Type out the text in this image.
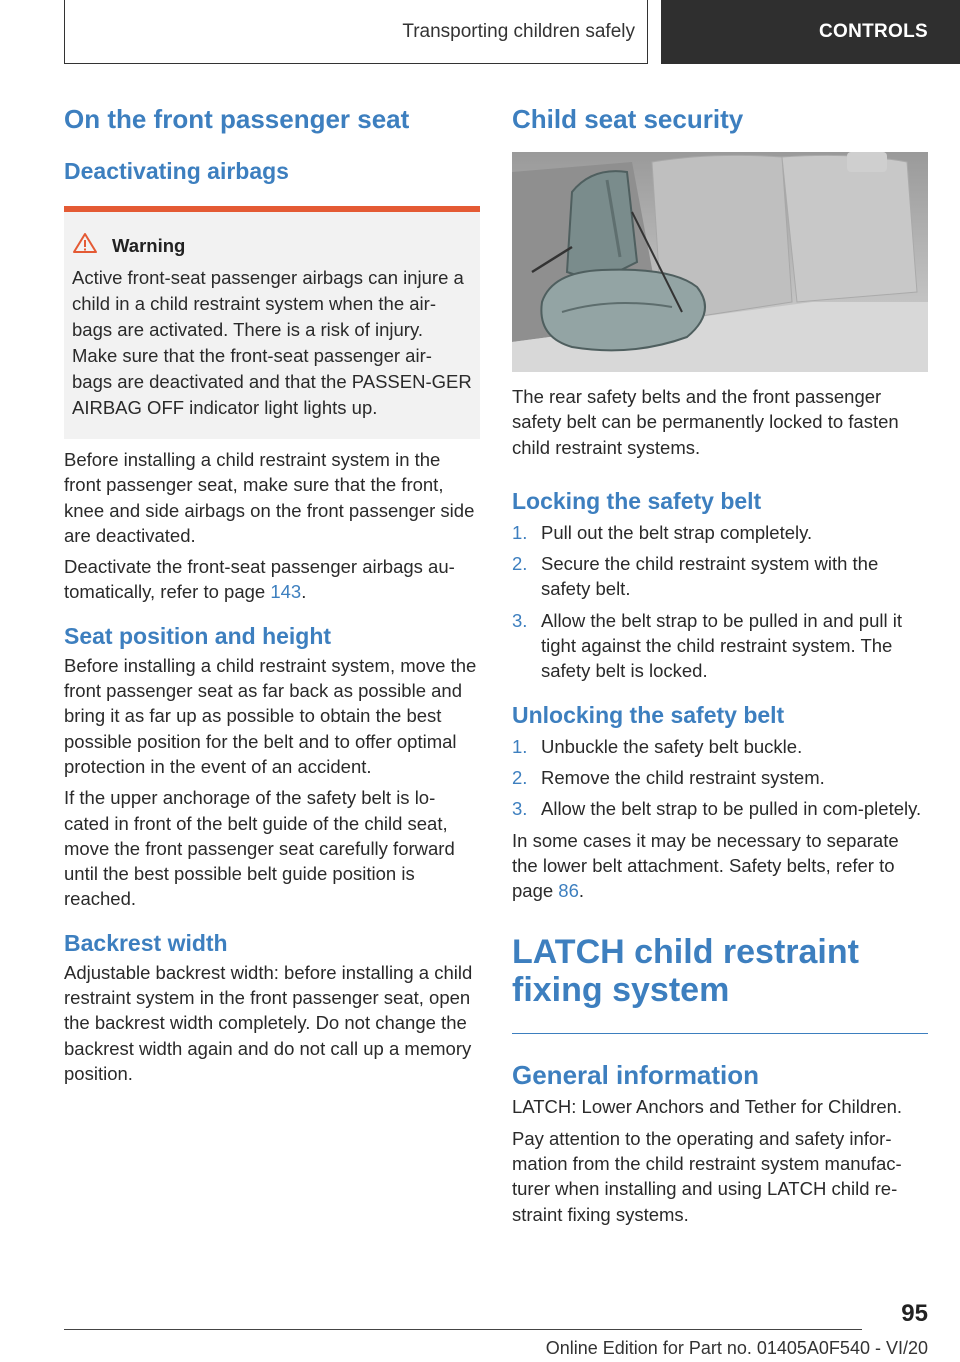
Transporting children safely	CONTROLS
On the front passenger seat
Deactivating airbags
Warning

Active front-seat passenger airbags can injure a child in a child restraint system when the air-bags are activated. There is a risk of injury. Make sure that the front-seat passenger air-bags are deactivated and that the PASSEN-GER AIRBAG OFF indicator light lights up.

Before installing a child restraint system in the front passenger seat, make sure that the front, knee and side airbags on the front passenger side are deactivated.

Deactivate the front-seat passenger airbags au-tomatically, refer to page 143.

Seat position and height

Before installing a child restraint system, move the front passenger seat as far back as possible and bring it as far up as possible to obtain the best possible position for the belt and to offer optimal protection in the event of an accident.

If the upper anchorage of the safety belt is lo-cated in front of the belt guide of the child seat, move the front passenger seat carefully forward until the best possible belt guide position is reached.

Backrest width

Adjustable backrest width: before installing a child restraint system in the front passenger seat, open the backrest width completely. Do not change the backrest width again and do not call up a memory position.

Child seat security

The rear safety belts and the front passenger safety belt can be permanently locked to fasten child restraint systems.

Locking the safety belt
1. Pull out the belt strap completely.
2. Secure the child restraint system with the safety belt.
3. Allow the belt strap to be pulled in and pull it tight against the child restraint system. The safety belt is locked.
Unlocking the safety belt
1. Unbuckle the safety belt buckle.
2. Remove the child restraint system.
3. Allow the belt strap to be pulled in com-pletely.

In some cases it may be necessary to separate the lower belt attachment. Safety belts, refer to page 86.

LATCH child restraint fixing system
General information

LATCH: Lower Anchors and Tether for Children.

Pay attention to the operating and safety infor-mation from the child restraint system manufac-turer when installing and using LATCH child re-straint fixing systems.

95
Online Edition for Part no. 01405A0F540 - VI/20
